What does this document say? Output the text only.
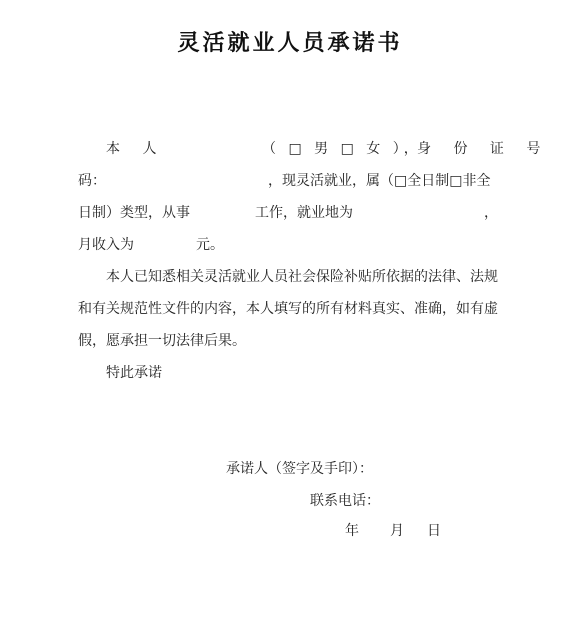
灵活就业人员承诺书
本 人	（ □ 男 □ 女 ），
身 份 证 号
码：	，现灵活就业，属（□全日制□非全
日制）类型，从事	工作，就业地为	，
月收入为	元。
本人已知悉相关灵活就业人员社会保险补贴所依据的法律、法规
和有关规范性文件的内容，本人填写的所有材料真实、准确，如有虚
假，愿承担一切法律后果。
特此承诺
承诺人（签字及手印）：
联系电话：
年 月 日
